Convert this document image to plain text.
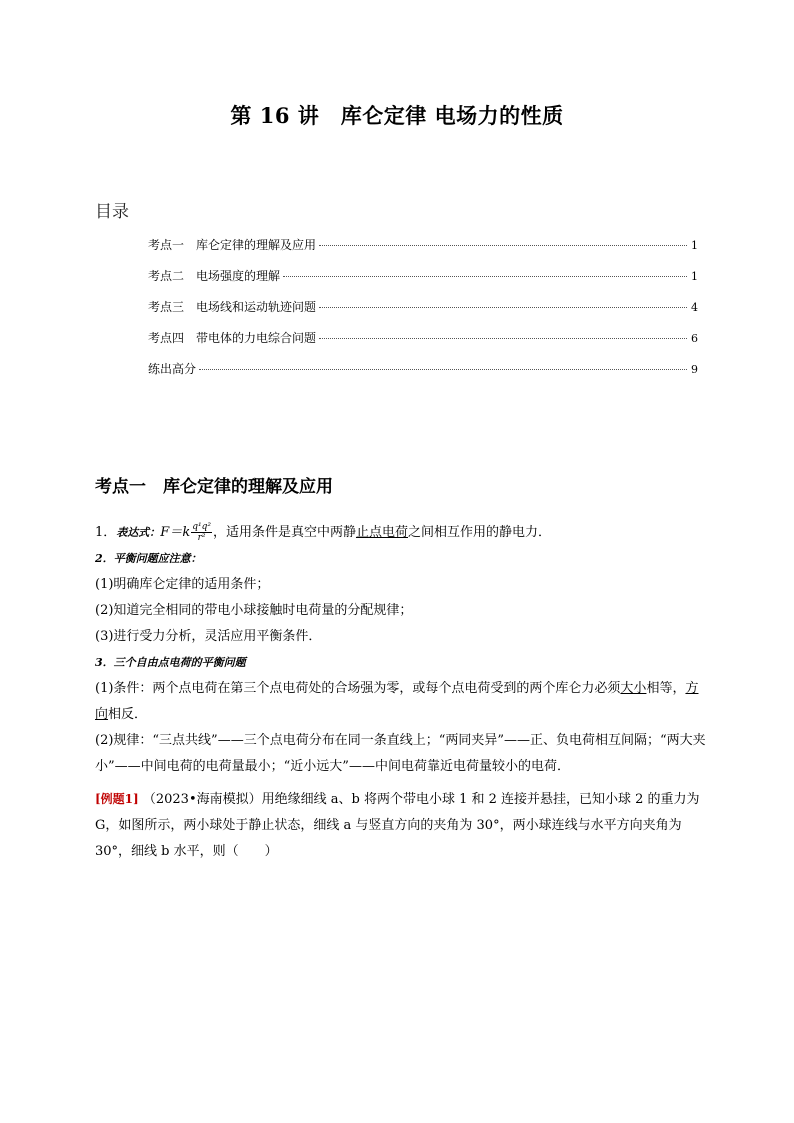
第 16 讲　库仑定律 电场力的性质
目录
考点一　库仑定律的理解及应用	1
考点二　电场强度的理解	1
考点三　电场线和运动轨迹问题	4
考点四　带电体的力电综合问题	6
练出高分	9
考点一　库仑定律的理解及应用

1．表达式：$F=k \frac{\text{q¹q²}}{\text{r²}}$ ，适用条件是真空中两静止点电荷之间相互作用的静电力．

2．平衡问题应注意：

(1)明确库仑定律的适用条件；

(2)知道完全相同的带电小球接触时电荷量的分配规律；

(3)进行受力分析，灵活应用平衡条件．

3．三个自由点电荷的平衡问题

(1)条件：两个点电荷在第三个点电荷处的合场强为零，或每个点电荷受到的两个库仑力必须大小相等，方向相反．

(2)规律：“三点共线”——三个点电荷分布在同一条直线上；“两同夹异”——正、负电荷相互间隔；“两大夹小”——中间电荷的电荷量最小；“近小远大”——中间电荷靠近电荷量较小的电荷．

[例题1] （2023•海南模拟）用绝缘细线 a、b 将两个带电小球 1 和 2 连接并悬挂，已知小球 2 的重力为 G，如图所示，两小球处于静止状态，细线 a 与竖直方向的夹角为 30°，两小球连线与水平方向夹角为 30°，细线 b 水平，则（　　）
